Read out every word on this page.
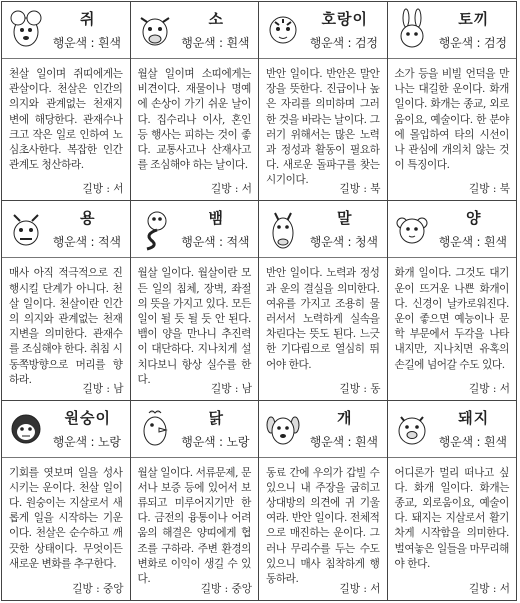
쥐
행운색 : 흰색
천살 일이며 쥐띠에게는 관살이다. 천살은 인간의 의지와 관계없는 천재지변에 해당한다. 관재수나 크고 작은 일로 인하여 노심초사한다. 복잡한 인간관계도 청산하라.
길방 : 서
소
행운색 : 흰색
월살 일이며 소띠에게는 비견이다. 재물이나 명예에 손상이 가기 쉬운 날이다. 집수리나 이사, 혼인 등 행사는 피하는 것이 좋다. 교통사고나 산재사고를 조심해야 하는 날이다.
길방 : 서
호랑이
행운색 : 검정
반안 일이다. 반안은 말안장을 뜻한다. 진급이나 높은 자리를 의미하며 그러한 것을 바라는 날이다. 그러기 위해서는 많은 노력과 정성과 활동이 필요하다. 새로운 돌파구를 찾는 시기이다.
길방 : 북
토끼
행운색 : 검정
소가 등을 비빌 언덕을 만나는 대길한 운이다. 화개 일이다. 화개는 종교, 외로움이요, 예술이다. 한 분야에 몰입하여 타의 시선이나 관심에 개의치 않는 것이 특징이다.
길방 : 북
용
행운색 : 적색
매사 아직 적극적으로 진행시킬 단계가 아니다. 천살 일이다. 천살이란 인간의 의지와 관계없는 천재지변을 의미한다. 관재수를 조심해야 한다. 취침 시 동쪽방향으로 머리를 향하라.
길방 : 남
뱀
행운색 : 적색
월살 일이다. 월살이란 모든 일의 침체, 장벽, 좌절의 뜻을 가지고 있다. 모든 일이 될 듯 될 듯 안 된다. 뱀이 양을 만나니 추진력이 대단하다. 지나치게 설치다보니 항상 실수를 한다.
길방 : 남
말
행운색 : 청색
반안 일이다. 노력과 정성과 운의 결실을 의미한다. 여유를 가지고 조용히 물러서서 노력하게 실속을 차린다는 뜻도 된다. 느긋한 기다림으로 열심히 뛰어야 한다.
길방 : 동
양
행운색 : 흰색
화개 일이다. 그것도 대기운이 뜨거운 나쁜 화개이다. 신경이 날카로워진다. 운이 좋으면 예능이나 문학 부문에서 두각을 나타내지만, 지나치면 유혹의 손길에 넘어갈 수도 있다.
길방 : 서
원숭이
행운색 : 노랑
기회를 엿보며 일을 성사시키는 운이다. 천살 일이다. 원숭이는 지살로서 새롭게 일을 시작하는 기운이다. 천살은 순수하고 깨끗한 상태이다. 무엇이든 새로운 변화를 추구한다.
길방 : 중앙
닭
행운색 : 노랑
월살 일이다. 서류문제, 문서나 보증 등에 있어서 보류되고 미루어지기만 한다. 금전의 융통이나 어려움의 해결은 양띠에게 협조를 구하라. 주변 환경의 변화로 이익이 생길 수 있다.
길방 : 중앙
개
행운색 : 흰색
동료 간에 우의가 갑빌 수 있으니 내 주장을 굽히고 상대방의 의견에 귀 기울여라. 반안 일이다. 전체적으로 매진하는 운이다. 그러나 무리수를 두는 수도 있으니 매사 침착하게 행동하라.
길방 : 서
돼지
행운색 : 흰색
어디론가 멀리 떠나고 싶다. 화개 일이다. 화개는 종교, 외로움이요, 예술이다. 돼지는 지살로서 활기차게 시작함을 의미한다. 벌여놓은 일들을 마무리해야 한다.
길방 : 서
